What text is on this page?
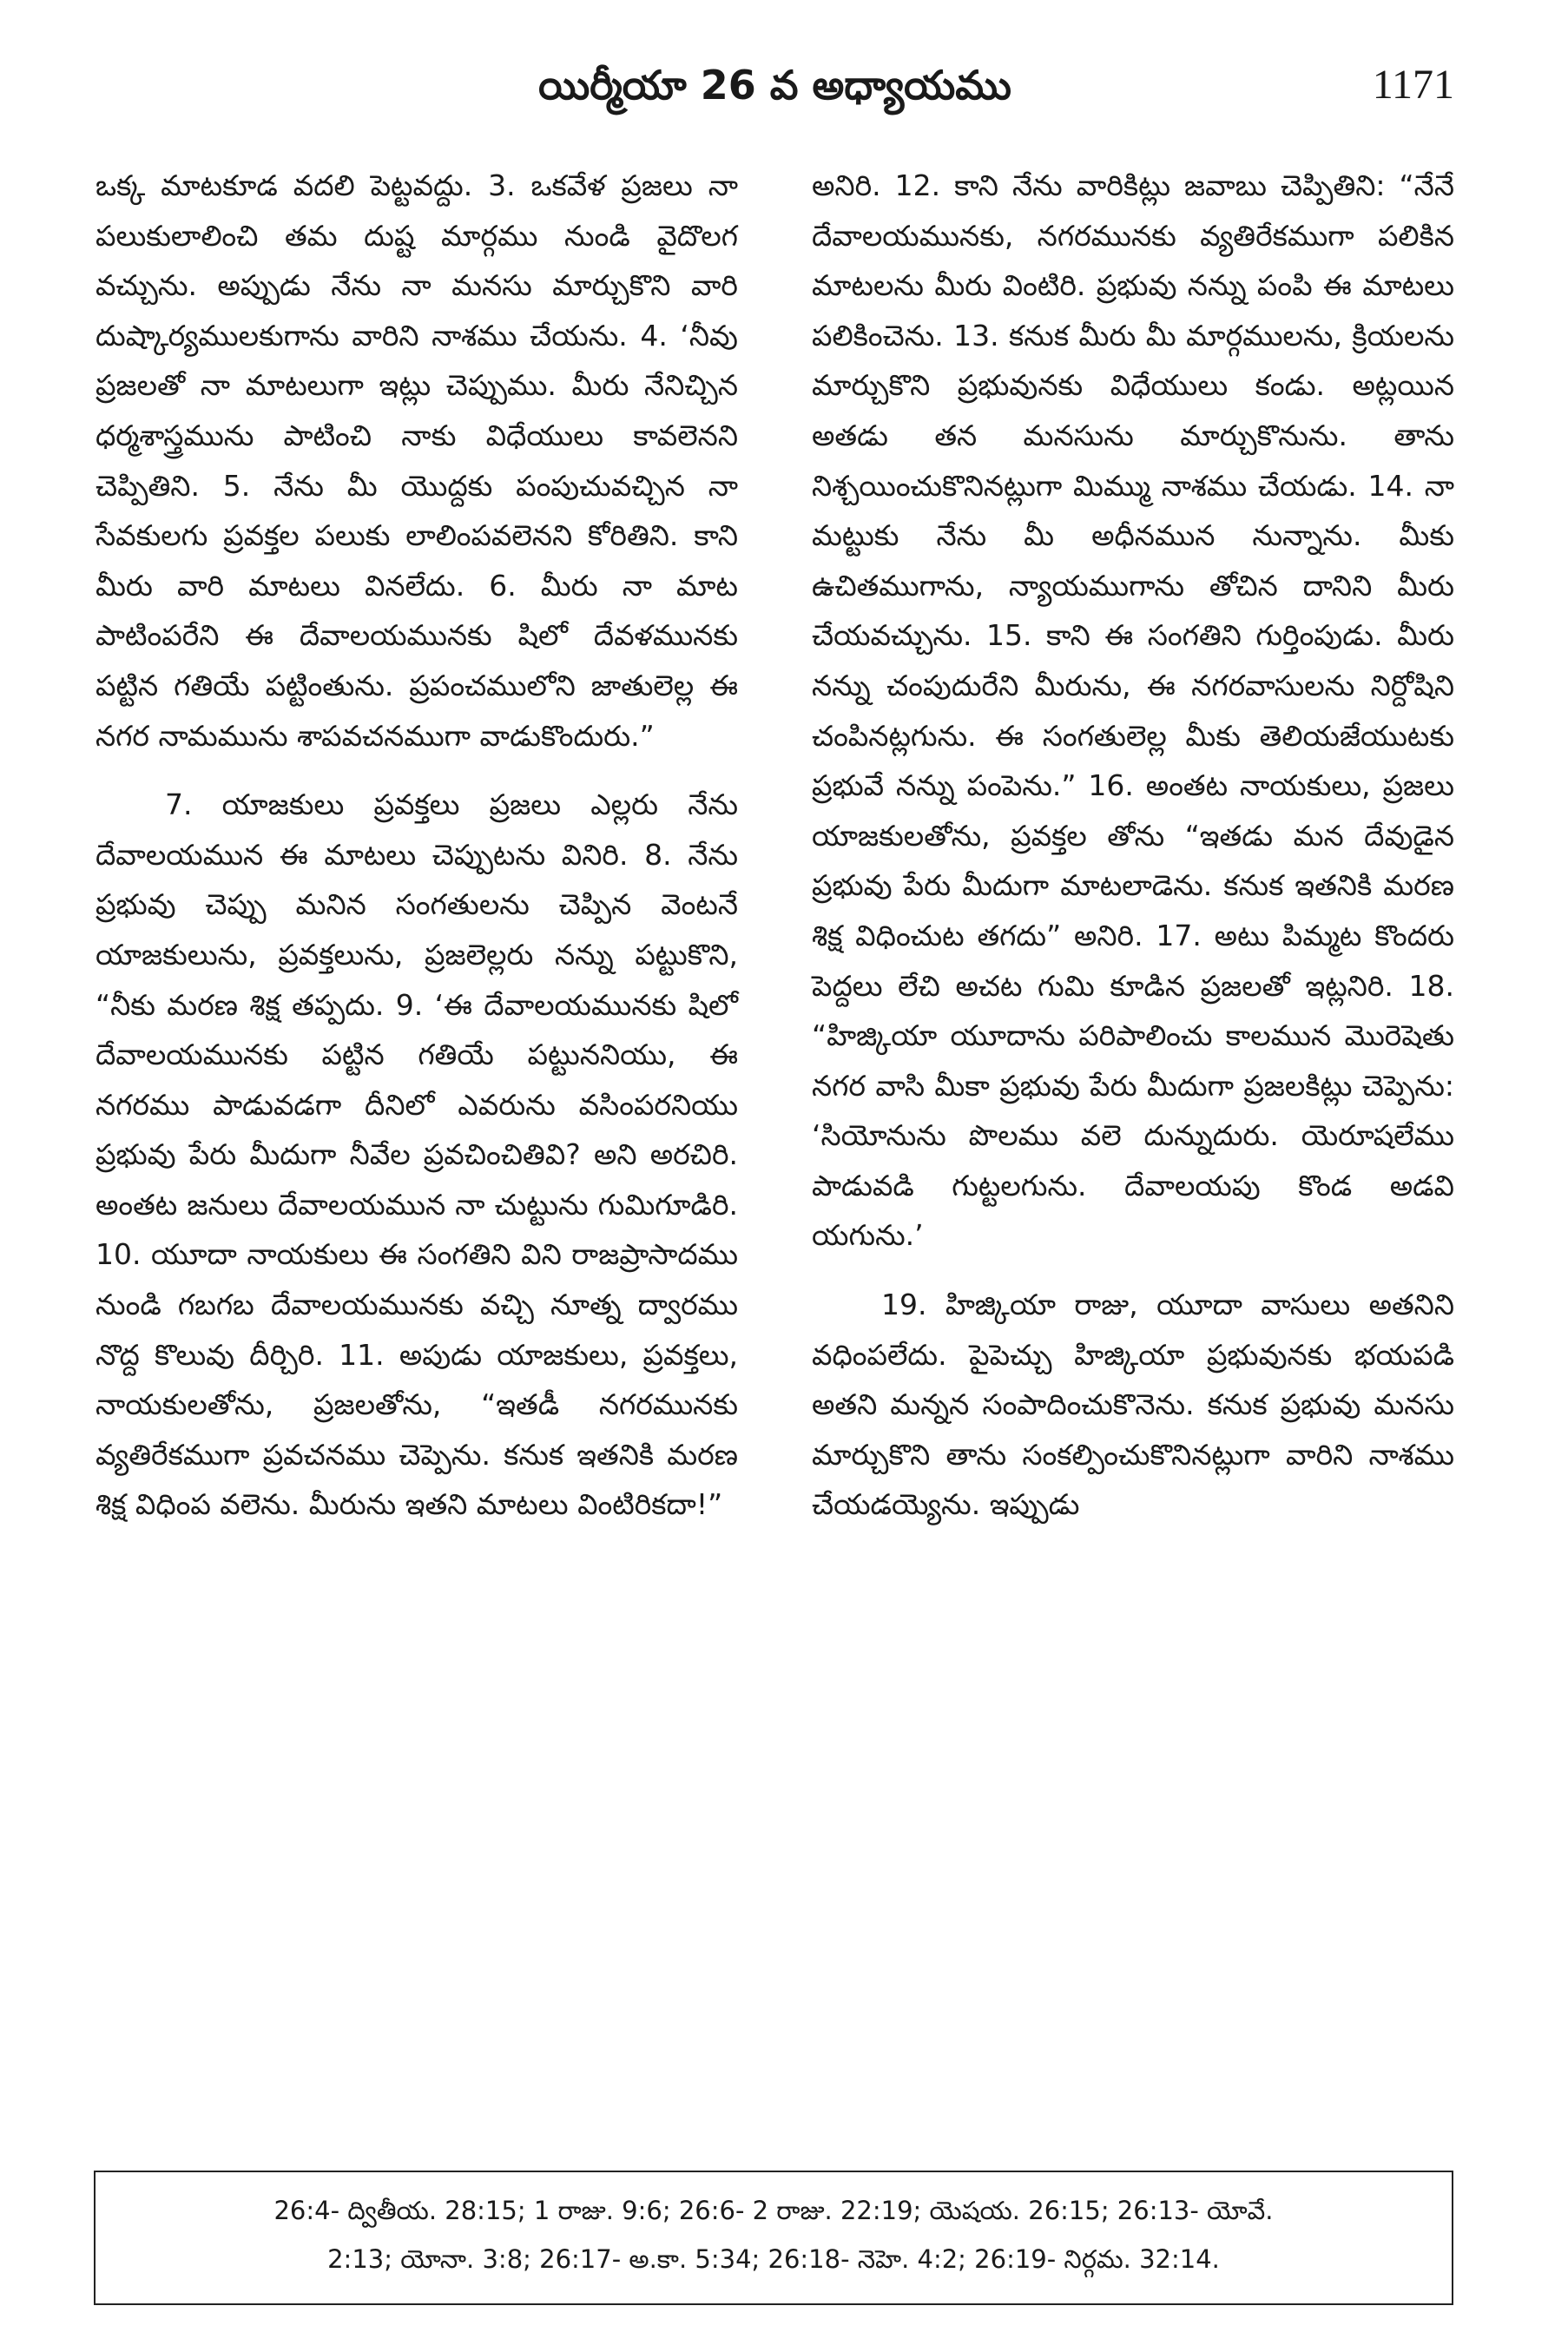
యిర్మీయా 26 వ అధ్యాయము	1171

ఒక్క మాటకూడ వదలి పెట్టవద్దు. 3. ఒకవేళ ప్రజలు నా పలుకులాలించి తమ దుష్ట మార్గము నుండి వైదొలగ వచ్చును. అప్పుడు నేను నా మనసు మార్చుకొని వారి దుష్కార్యములకుగాను వారిని నాశము చేయను. 4. ‘నీవు ప్రజలతో నా మాటలుగా ఇట్లు చెప్పుము. మీరు నేనిచ్చిన ధర్మశాస్త్రమును పాటించి నాకు విధేయులు కావలెనని చెప్పితిని. 5. నేను మీ యొద్దకు పంపుచువచ్చిన నా సేవకులగు ప్రవక్తల పలుకు లాలింపవలెనని కోరితిని. కాని మీరు వారి మాటలు వినలేదు. 6. మీరు నా మాట పాటింపరేని ఈ దేవాలయమునకు షిలో దేవళమునకు పట్టిన గతియే పట్టింతును. ప్రపంచములోని జాతులెల్ల ఈ నగర నామమును శాపవచనముగా వాడుకొందురు.”

7. యాజకులు ప్రవక్తలు ప్రజలు ఎల్లరు నేను దేవాలయమున ఈ మాటలు చెప్పుటను వినిరి. 8. నేను ప్రభువు చెప్పు మనిన సంగతులను చెప్పిన వెంటనే యాజకులును, ప్రవక్తలును, ప్రజలెల్లరు నన్ను పట్టుకొని, “నీకు మరణ శిక్ష తప్పదు. 9. ‘ఈ దేవాలయమునకు షిలో దేవాలయమునకు పట్టిన గతియే పట్టుననియు, ఈ నగరము పాడువడగా దీనిలో ఎవరును వసింపరనియు ప్రభువు పేరు మీదుగా నీవేల ప్రవచించితివి? అని అరచిరి. అంతట జనులు దేవాలయమున నా చుట్టును గుమిగూడిరి. 10. యూదా నాయకులు ఈ సంగతిని విని రాజప్రాసాదము నుండి గబగబ దేవాలయమునకు వచ్చి నూత్న ద్వారము నొద్ద కొలువు దీర్చిరి. 11. అపుడు యాజకులు, ప్రవక్తలు, నాయకులతోను, ప్రజలతోను, “ఇతడీ నగరమునకు వ్యతిరేకముగా ప్రవచనము చెప్పెను. కనుక ఇతనికి మరణ శిక్ష విధింప వలెను. మీరును ఇతని మాటలు వింటిరికదా!”

అనిరి. 12. కాని నేను వారికిట్లు జవాబు చెప్పితిని: “నేనే దేవాలయమునకు, నగరమునకు వ్యతిరేకముగా పలికిన మాటలను మీరు వింటిరి. ప్రభువు నన్ను పంపి ఈ మాటలు పలికించెను. 13. కనుక మీరు మీ మార్గములను, క్రియలను మార్చుకొని ప్రభువునకు విధేయులు కండు. అట్లయిన అతడు తన మనసును మార్చుకొనును. తాను నిశ్చయించుకొనినట్లుగా మిమ్ము నాశము చేయడు. 14. నా మట్టుకు నేను మీ అధీనమున నున్నాను. మీకు ఉచితముగాను, న్యాయముగాను తోచిన దానిని మీరు చేయవచ్చును. 15. కాని ఈ సంగతిని గుర్తింపుడు. మీరు నన్ను చంపుదురేని మీరును, ఈ నగరవాసులను నిర్దోషిని చంపినట్లగును. ఈ సంగతులెల్ల మీకు తెలియజేయుటకు ప్రభువే నన్ను పంపెను.” 16. అంతట నాయకులు, ప్రజలు యాజకులతోను, ప్రవక్తల తోను “ఇతడు మన దేవుడైన ప్రభువు పేరు మీదుగా మాటలాడెను. కనుక ఇతనికి మరణ శిక్ష విధించుట తగదు” అనిరి. 17. అటు పిమ్మట కొందరు పెద్దలు లేచి అచట గుమి కూడిన ప్రజలతో ఇట్లనిరి. 18. “హిజ్కియా యూదాను పరిపాలించు కాలమున మొరెషెతు నగర వాసి మీకా ప్రభువు పేరు మీదుగా ప్రజలకిట్లు చెప్పెను: ‘సియోనును పొలము వలె దున్నుదురు. యెరూషలేము పాడువడి గుట్టలగును. దేవాలయపు కొండ అడవి యగును.’

19. హిజ్కియా రాజు, యూదా వాసులు అతనిని వధింపలేదు. పైపెచ్చు హిజ్కియా ప్రభువునకు భయపడి అతని మన్నన సంపాదించుకొనెను. కనుక ప్రభువు మనసు మార్చుకొని తాను సంకల్పించుకొనినట్లుగా వారిని నాశము చేయడయ్యెను. ఇప్పుడు

26:4- ద్వితీయ. 28:15; 1 రాజు. 9:6; 26:6- 2 రాజు. 22:19; యెషయ. 26:15; 26:13- యోవే.
2:13; యోనా. 3:8; 26:17- అ.కా. 5:34; 26:18- నెహె. 4:2; 26:19- నిర్గమ. 32:14.
